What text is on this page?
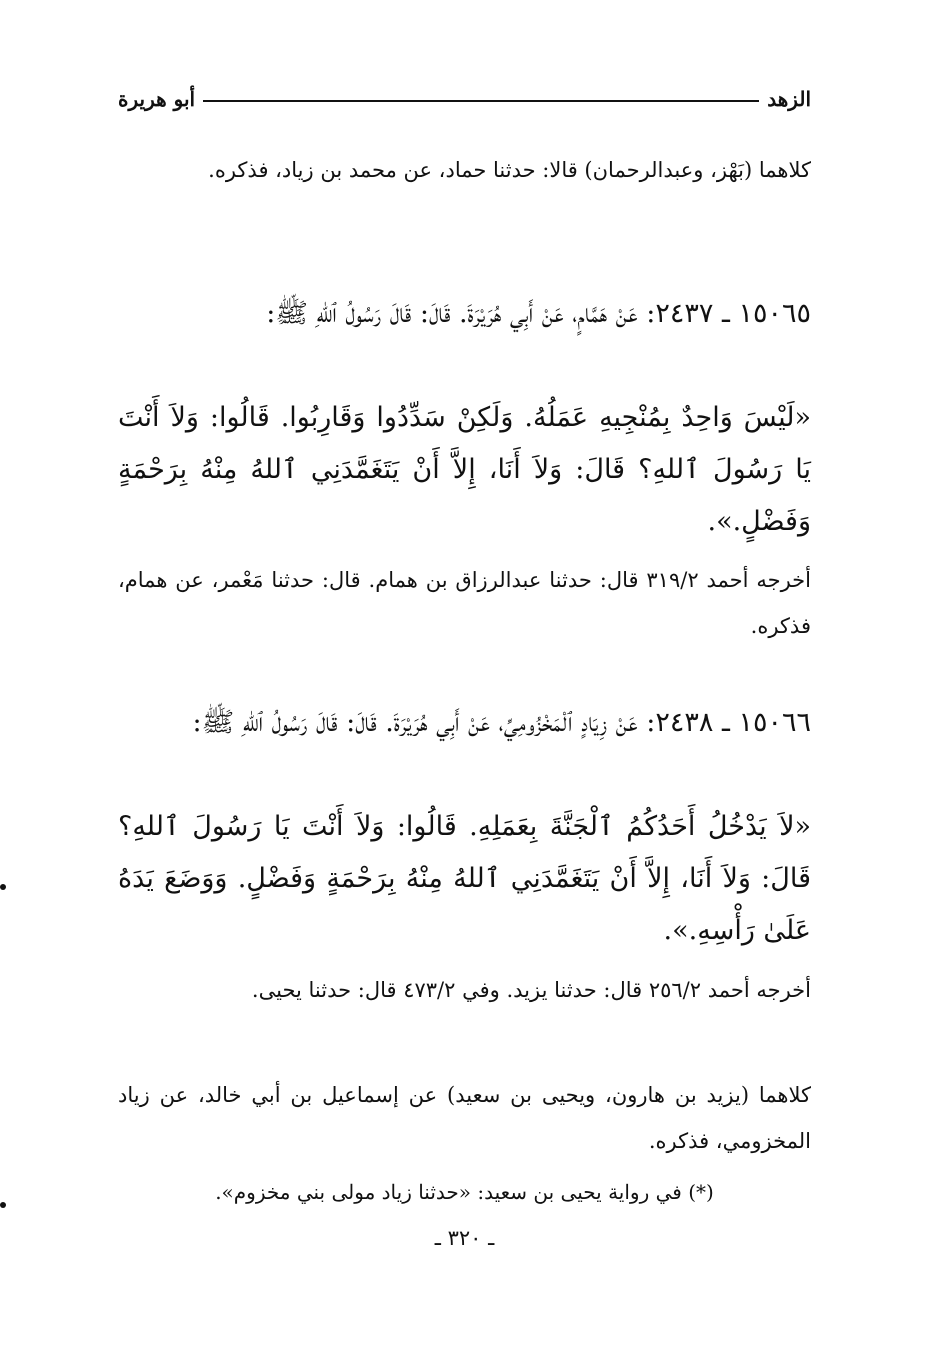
الزهد
أبو هريرة

كلاهما (بَهْز، وعبدالرحمان) قالا: حدثنا حماد، عن محمد بن زياد، فذكره.

١٥٠٦٥ ـ ٢٤٣٧: عَنْ هَمَّامٍ، عَنْ أَبِي هُرَيْرَةَ. قَالَ: قَالَ رَسُولُ ٱللهِ ﷺ:

«لَيْسَ وَاحِدٌ بِمُنْجِيهِ عَمَلُهُ. وَلَكِنْ سَدِّدُوا وَقَارِبُوا. قَالُوا: وَلاَ أَنْتَ يَا رَسُولَ ٱللهِ؟ قَالَ: وَلاَ أَنَا، إِلاَّ أَنْ يَتَغَمَّدَنِي ٱللهُ مِنْهُ بِرَحْمَةٍ وَفَضْلٍ.».

أخرجه أحمد ٣١٩/٢ قال: حدثنا عبدالرزاق بن همام. قال: حدثنا مَعْمر، عن همام، فذكره.

١٥٠٦٦ ـ ٢٤٣٨: عَنْ زِيَادٍ ٱلْمَخْزُومِيِّ، عَنْ أَبِي هُرَيْرَةَ. قَالَ: قَالَ رَسُولُ ٱللهِ ﷺ:

«لاَ يَدْخُلُ أَحَدُكُمُ ٱلْجَنَّةَ بِعَمَلِهِ. قَالُوا: وَلاَ أَنْتَ يَا رَسُولَ ٱللهِ؟ قَالَ: وَلاَ أَنَا، إِلاَّ أَنْ يَتَغَمَّدَنِي ٱللهُ مِنْهُ بِرَحْمَةٍ وَفَضْلٍ. وَوَضَعَ يَدَهُ عَلَىٰ رَأْسِهِ.».

أخرجه أحمد ٢٥٦/٢ قال: حدثنا يزيد. وفي ٤٧٣/٢ قال: حدثنا يحيى.

كلاهما (يزيد بن هارون، ويحيى بن سعيد) عن إسماعيل بن أبي خالد، عن زياد المخزومي، فذكره.

(*) في رواية يحيى بن سعيد: «حدثنا زياد مولى بني مخزوم».

ـ ٣٢٠ ـ
